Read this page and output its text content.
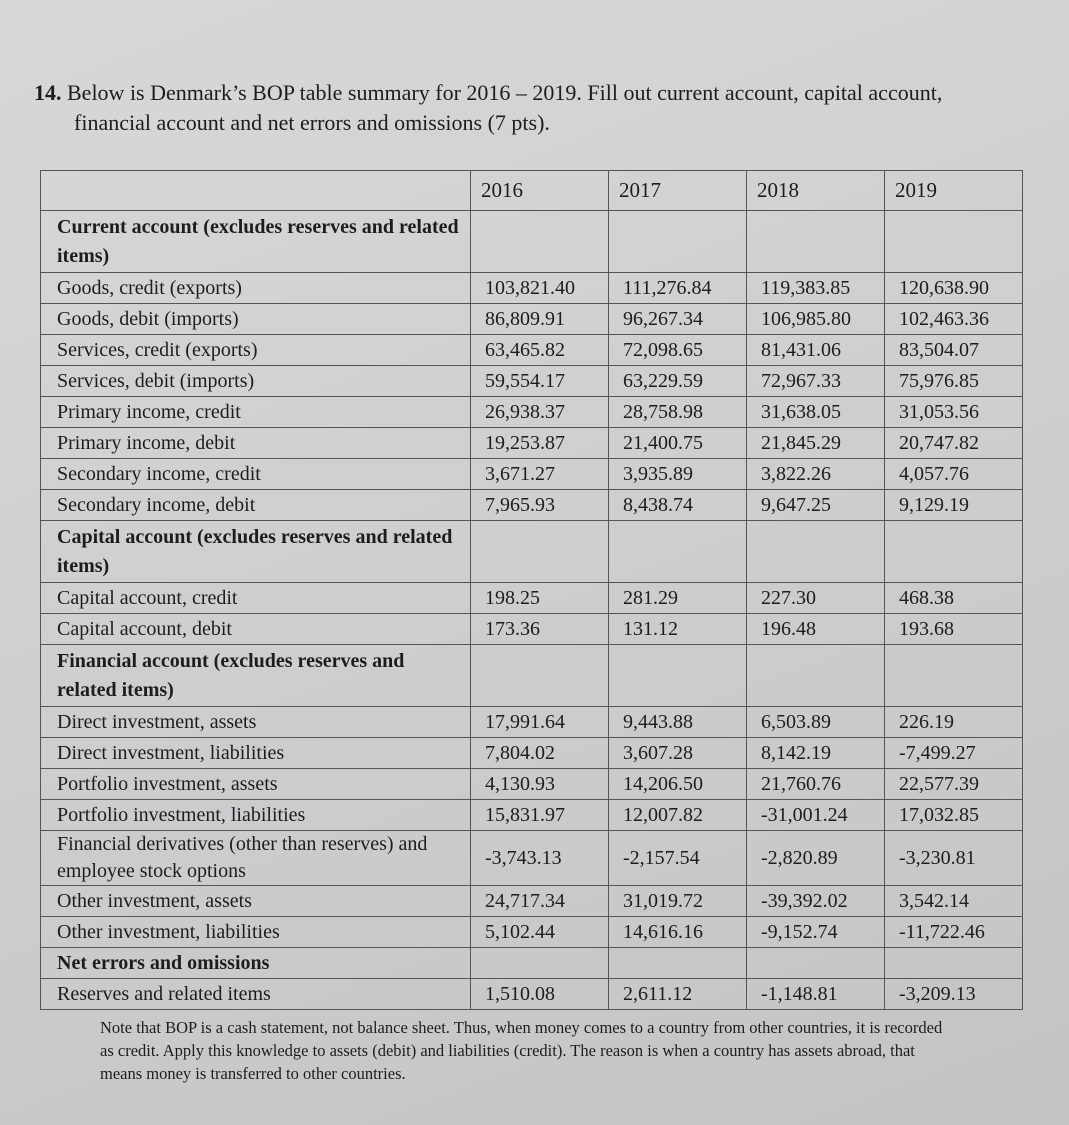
14. Below is Denmark’s BOP table summary for 2016 – 2019. Fill out current account, capital account,
financial account and net errors and omissions (7 pts).
	2016	2017	2018	2019
Current account (excludes reserves and related items)				
Goods, credit (exports)	103,821.40	111,276.84	119,383.85	120,638.90
Goods, debit (imports)	86,809.91	96,267.34	106,985.80	102,463.36
Services, credit (exports)	63,465.82	72,098.65	81,431.06	83,504.07
Services, debit (imports)	59,554.17	63,229.59	72,967.33	75,976.85
Primary income, credit	26,938.37	28,758.98	31,638.05	31,053.56
Primary income, debit	19,253.87	21,400.75	21,845.29	20,747.82
Secondary income, credit	3,671.27	3,935.89	3,822.26	4,057.76
Secondary income, debit	7,965.93	8,438.74	9,647.25	9,129.19
Capital account (excludes reserves and related items)				
Capital account, credit	198.25	281.29	227.30	468.38
Capital account, debit	173.36	131.12	196.48	193.68
Financial account (excludes reserves and related items)				
Direct investment, assets	17,991.64	9,443.88	6,503.89	226.19
Direct investment, liabilities	7,804.02	3,607.28	8,142.19	-7,499.27
Portfolio investment, assets	4,130.93	14,206.50	21,760.76	22,577.39
Portfolio investment, liabilities	15,831.97	12,007.82	-31,001.24	17,032.85
Financial derivatives (other than reserves) and employee stock options	-3,743.13	-2,157.54	-2,820.89	-3,230.81
Other investment, assets	24,717.34	31,019.72	-39,392.02	3,542.14
Other investment, liabilities	5,102.44	14,616.16	-9,152.74	-11,722.46
Net errors and omissions				
Reserves and related items	1,510.08	2,611.12	-1,148.81	-3,209.13
Note that BOP is a cash statement, not balance sheet. Thus, when money comes to a country from other countries, it is recorded as credit. Apply this knowledge to assets (debit) and liabilities (credit). The reason is when a country has assets abroad, that means money is transferred to other countries.
